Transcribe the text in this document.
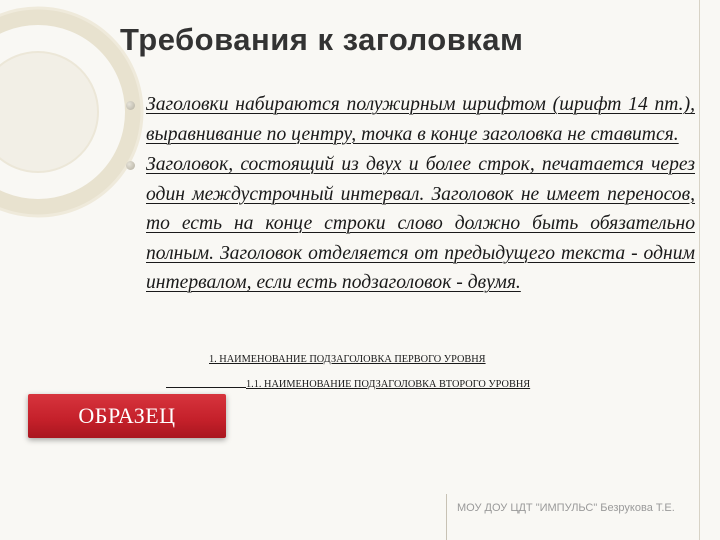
Требования к заголовкам
Заголовки набираются полужирным шрифтом (шрифт 14 пт.), выравнивание по центру, точка в конце заголовка не ставится.
Заголовок, состоящий из двух и более строк, печатается через один междустрочный интервал. Заголовок не имеет переносов, то есть на конце строки слово должно быть обязательно полным. Заголовок отделяется от предыдущего текста - одним интервалом, если есть подзаголовок - двумя.
1. НАИМЕНОВАНИЕ ПОДЗАГОЛОВКА ПЕРВОГО УРОВНЯ
1.1. НАИМЕНОВАНИЕ ПОДЗАГОЛОВКА ВТОРОГО УРОВНЯ
ОБРАЗЕЦ
МОУ ДОУ ЦДТ "ИМПУЛЬС" Безрукова Т.Е.
